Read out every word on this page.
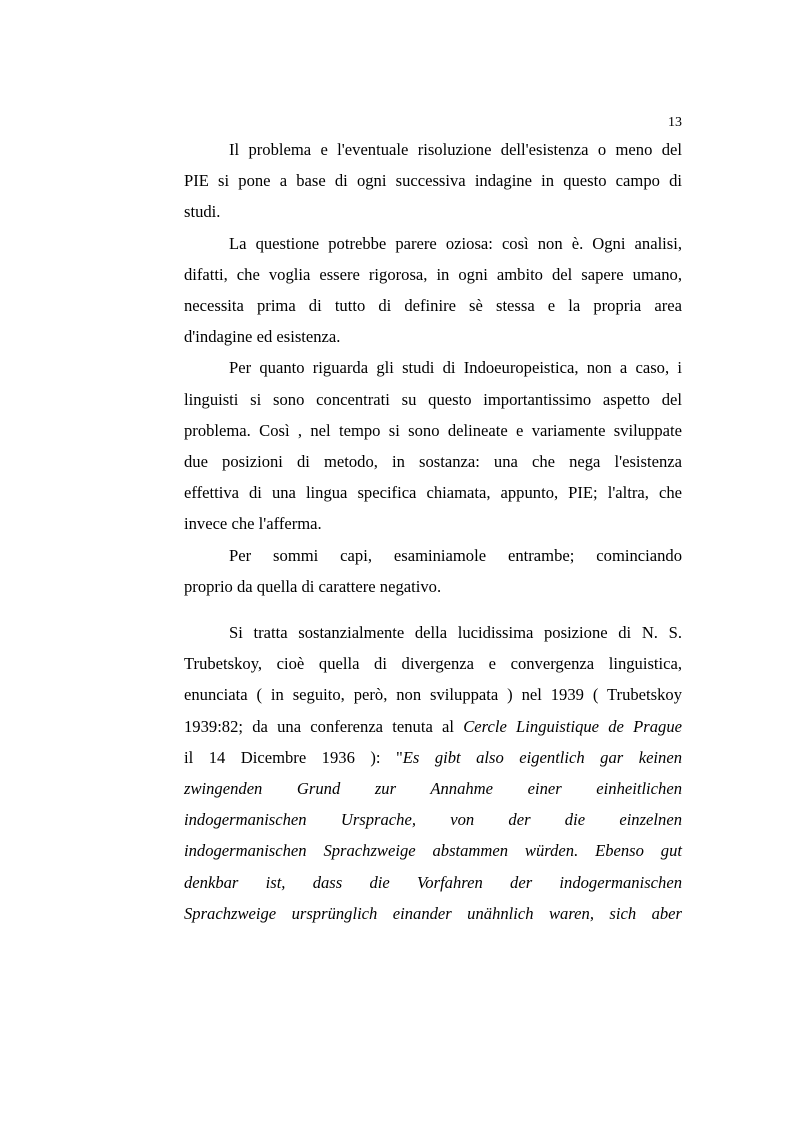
13
Il problema e l'eventuale risoluzione dell'esistenza o meno del
PIE si pone a base di ogni successiva indagine in questo campo di
studi.
La questione potrebbe parere oziosa: così non è. Ogni analisi,
difatti, che voglia essere rigorosa, in ogni ambito del sapere umano,
necessita prima di tutto di definire sè stessa e la propria area
d'indagine ed esistenza.
Per quanto riguarda gli studi di Indoeuropeistica, non a caso, i
linguisti si sono concentrati su questo importantissimo aspetto del
problema. Così , nel tempo si sono delineate e variamente sviluppate
due posizioni di metodo, in sostanza: una che nega l'esistenza
effettiva di una lingua specifica chiamata, appunto, PIE; l'altra, che
invece che l'afferma.
Per sommi capi, esaminiamole entrambe; cominciando
proprio da quella di carattere negativo.
Si tratta sostanzialmente della lucidissima posizione di N. S.
Trubetskoy, cioè quella di divergenza e convergenza linguistica,
enunciata ( in seguito, però, non sviluppata ) nel 1939 ( Trubetskoy
1939:82; da una conferenza tenuta al Cercle Linguistique de Prague
il 14 Dicembre 1936 ): "Es gibt also eigentlich gar keinen
zwingenden Grund zur Annahme einer einheitlichen
indogermanischen Ursprache, von der die einzelnen
indogermanischen Sprachzweige abstammen würden. Ebenso gut
denkbar ist, dass die Vorfahren der indogermanischen
Sprachzweige ursprünglich einander unähnlich waren, sich aber
